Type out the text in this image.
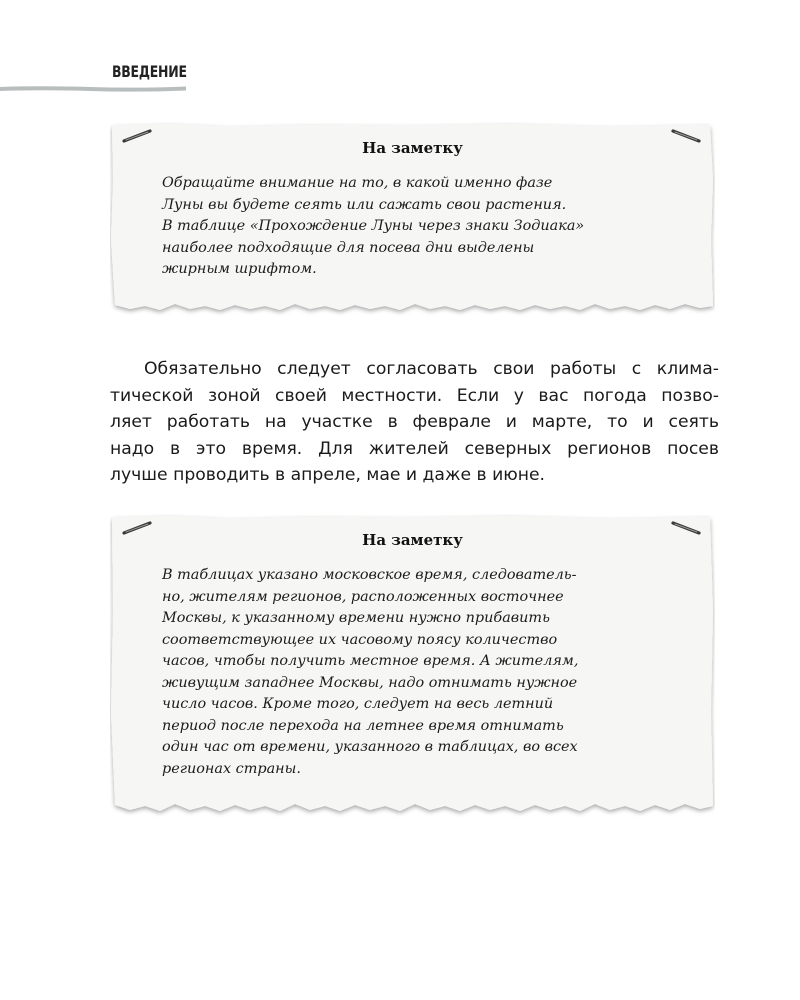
ВВЕДЕНИЕ
На заметку

Обращайте внимание на то, в какой именно фазе
Луны вы будете сеять или сажать свои растения.
В таблице «Прохождение Луны через знаки Зодиака»
наиболее подходящие для посева дни выделены
жирным шрифтом.

Обязательно следует согласовать свои работы с клима-
тической зоной своей местности. Если у вас погода позво-
ляет работать на участке в феврале и марте, то и сеять
надо в это время. Для жителей северных регионов посев
лучше проводить в апреле, мае и даже в июне.

На заметку

В таблицах указано московское время, следователь-
но, жителям регионов, расположенных восточнее
Москвы, к указанному времени нужно прибавить
соответствующее их часовому поясу количество
часов, чтобы получить местное время. А жителям,
живущим западнее Москвы, надо отнимать нужное
число часов. Кроме того, следует на весь летний
период после перехода на летнее время отнимать
один час от времени, указанного в таблицах, во всех
регионах страны.
